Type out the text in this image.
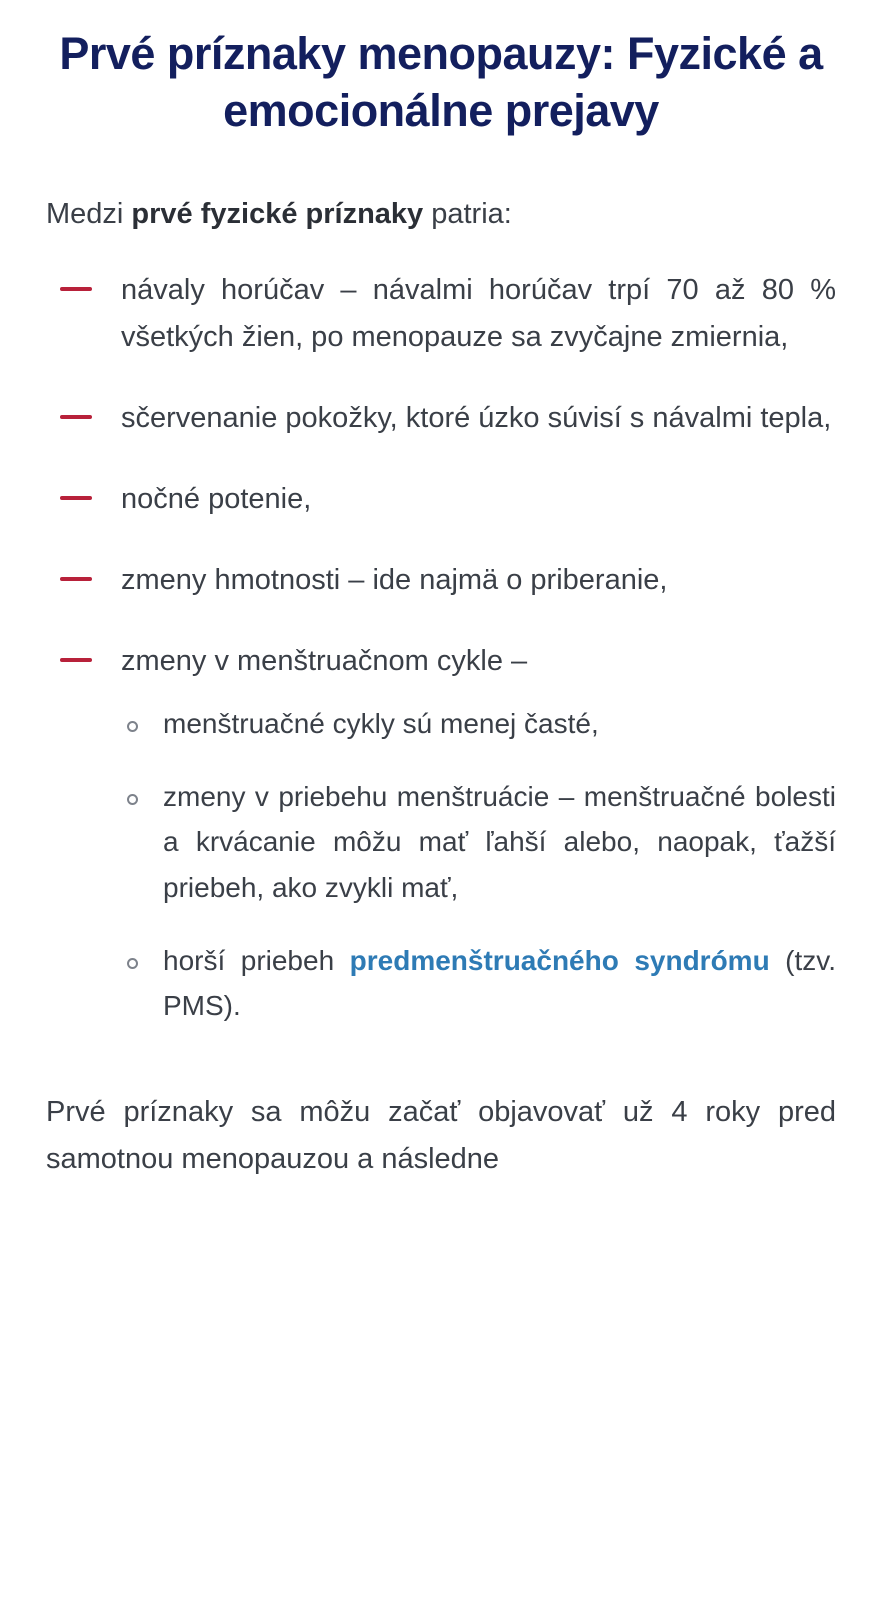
Prvé príznaky menopauzy: Fyzické a emocionálne prejavy

Medzi prvé fyzické príznaky patria:

návaly horúčav – návalmi horúčav trpí 70 až 80 % všetkých žien, po menopauze sa zvyčajne zmiernia,
sčervenanie pokožky, ktoré úzko súvisí s návalmi tepla,
nočné potenie,
zmeny hmotnosti – ide najmä o priberanie,
zmeny v menštruačnom cykle –
menštruačné cykly sú menej časté,
zmeny v priebehu menštruácie – menštruačné bolesti a krvácanie môžu mať ľahší alebo, naopak, ťažší priebeh, ako zvykli mať,
horší priebeh predmenštruačného syndrómu (tzv. PMS).

Prvé príznaky sa môžu začať objavovať už 4 roky pred samotnou menopauzou a následne
